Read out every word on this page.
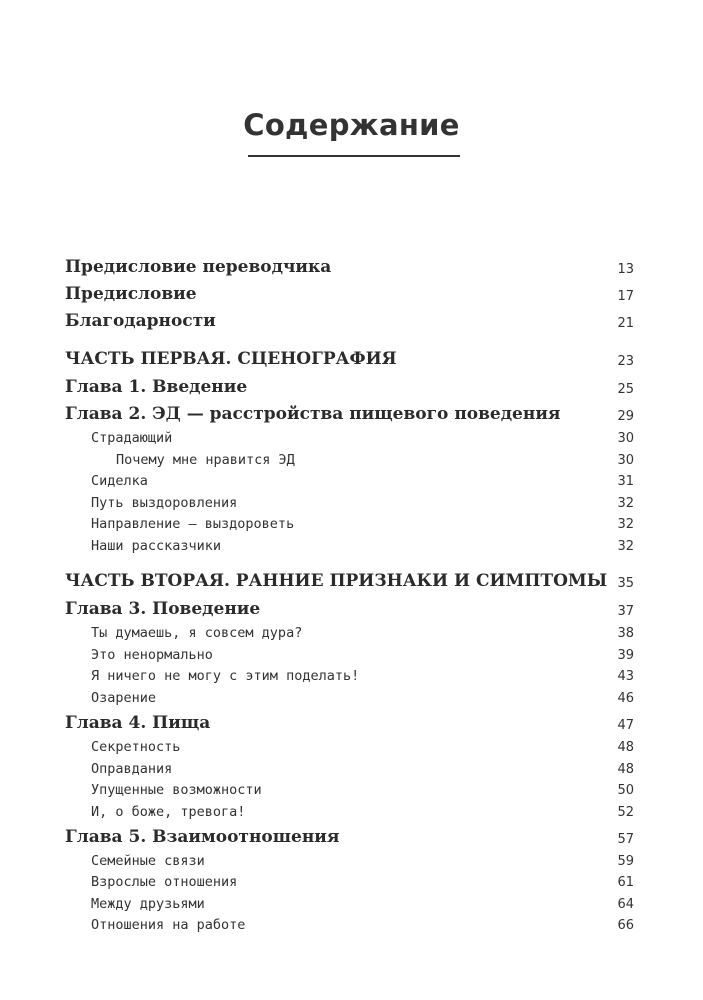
Содержание
Предисловие переводчика	13
Предисловие	17
Благодарности	21
ЧАСТЬ ПЕРВАЯ. СЦЕНОГРАФИЯ	23
Глава 1. Введение	25
Глава 2. ЭД — расстройства пищевого поведения	29
Страдающий	30
Почему мне нравится ЭД	30
Сиделка	31
Путь выздоровления	32
Направление — выздороветь	32
Наши рассказчики	32
ЧАСТЬ ВТОРАЯ. РАННИЕ ПРИЗНАКИ И СИМПТОМЫ 35
Глава 3. Поведение	37
Ты думаешь, я совсем дура?	38
Это ненормально	39
Я ничего не могу с этим поделать!	43
Озарение	46
Глава 4. Пища	47
Секретность	48
Оправдания	48
Упущенные возможности	50
И, о боже, тревога!	52
Глава 5. Взаимоотношения	57
Семейные связи	59
Взрослые отношения	61
Между друзьями	64
Отношения на работе	66
